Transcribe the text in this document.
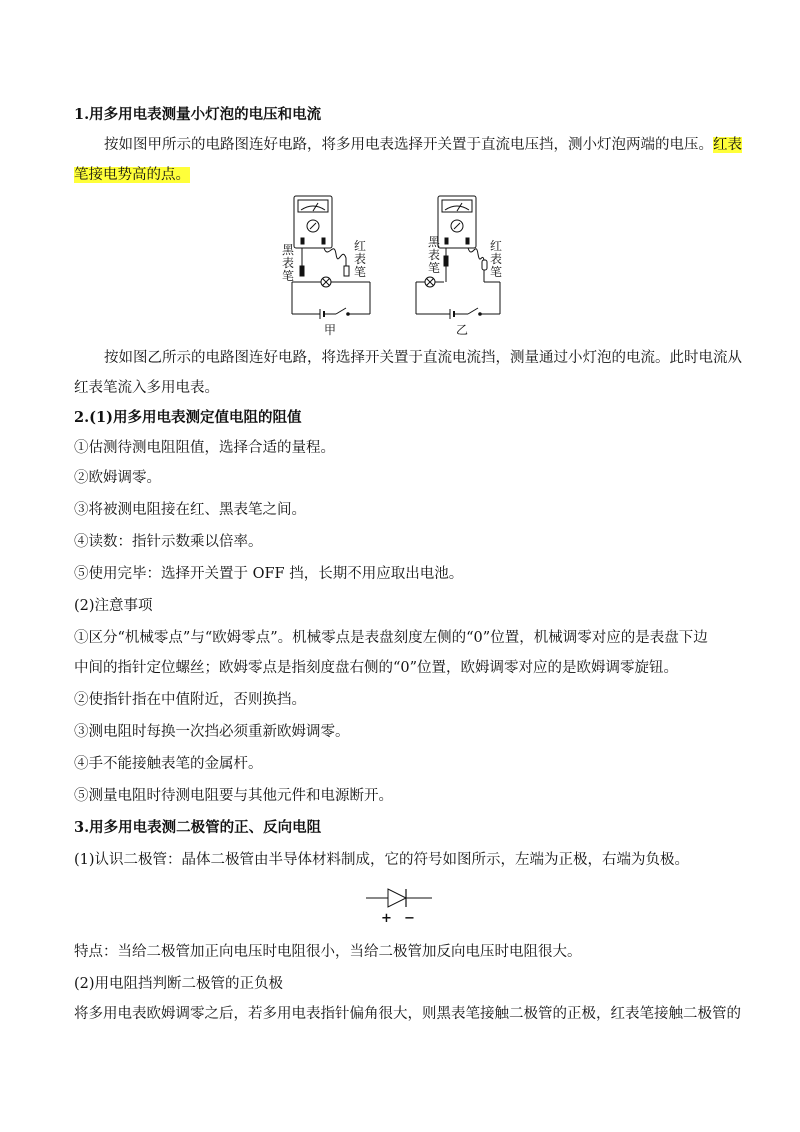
1.用多用电表测量小灯泡的电压和电流
按如图甲所示的电路图连好电路，将多用电表选择开关置于直流电压挡，测小灯泡两端的电压。红表
笔接电势高的点。
黑
表
笔
红
表
笔
甲
黑
表
笔
红
表
笔
乙
按如图乙所示的电路图连好电路，将选择开关置于直流电流挡，测量通过小灯泡的电流。此时电流从
红表笔流入多用电表。
2.(1)用多用电表测定值电阻的阻值
①估测待测电阻阻值，选择合适的量程。
②欧姆调零。
③将被测电阻接在红、黑表笔之间。
④读数：指针示数乘以倍率。
⑤使用完毕：选择开关置于 OFF 挡，长期不用应取出电池。
(2)注意事项
①区分“机械零点”与“欧姆零点”。机械零点是表盘刻度左侧的“0”位置，机械调零对应的是表盘下边
中间的指针定位螺丝；欧姆零点是指刻度盘右侧的“0”位置，欧姆调零对应的是欧姆调零旋钮。
②使指针指在中值附近，否则换挡。
③测电阻时每换一次挡必须重新欧姆调零。
④手不能接触表笔的金属杆。
⑤测量电阻时待测电阻要与其他元件和电源断开。
3.用多用电表测二极管的正、反向电阻
(1)认识二极管：晶体二极管由半导体材料制成，它的符号如图所示，左端为正极，右端为负极。
+ −
特点：当给二极管加正向电压时电阻很小，当给二极管加反向电压时电阻很大。
(2)用电阻挡判断二极管的正负极
将多用电表欧姆调零之后，若多用电表指针偏角很大，则黑表笔接触二极管的正极，红表笔接触二极管的
